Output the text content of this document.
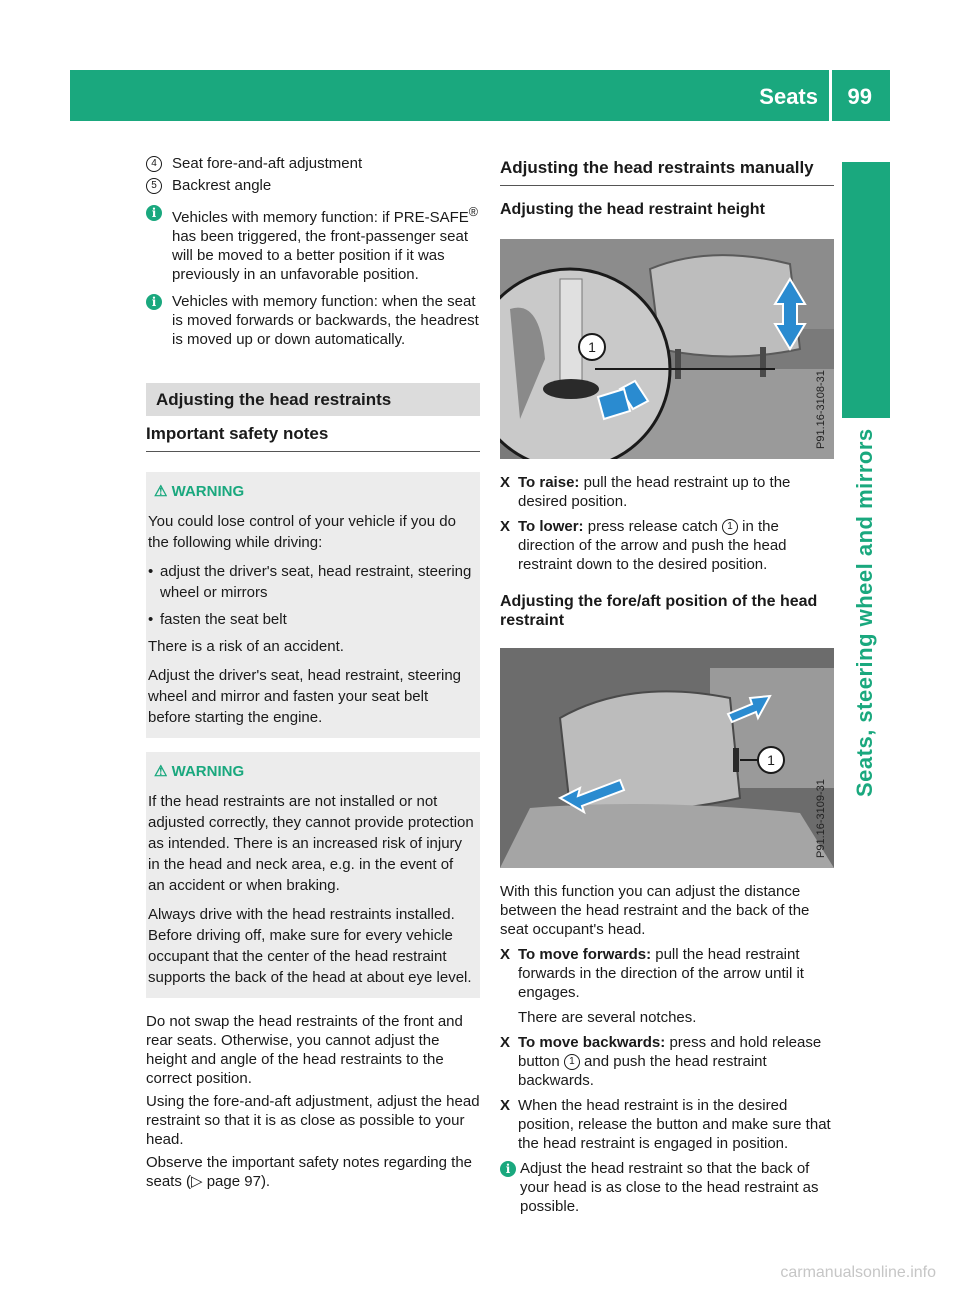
Seats 99
Seats, steering wheel and mirrors
4	Seat fore-and-aft adjustment
5	Backrest angle
i	Vehicles with memory function: if PRE-SAFE® has been triggered, the front-passenger seat will be moved to a better position if it was previously in an unfavorable position.
i	Vehicles with memory function: when the seat is moved forwards or backwards, the headrest is moved up or down automatically.
Adjusting the head restraints
Important safety notes
⚠ WARNING

You could lose control of your vehicle if you do the following while driving:

• adjust the driver's seat, head restraint, steering wheel or mirrors
• fasten the seat belt

There is a risk of an accident.

Adjust the driver's seat, head restraint, steering wheel and mirror and fasten your seat belt before starting the engine.

⚠ WARNING

If the head restraints are not installed or not adjusted correctly, they cannot provide protection as intended. There is an increased risk of injury in the head and neck area, e.g. in the event of an accident or when braking.

Always drive with the head restraints installed. Before driving off, make sure for every vehicle occupant that the center of the head restraint supports the back of the head at about eye level.

Do not swap the head restraints of the front and rear seats. Otherwise, you cannot adjust the height and angle of the head restraints to the correct position.

Using the fore-and-aft adjustment, adjust the head restraint so that it is as close as possible to your head.

Observe the important safety notes regarding the seats (▷ page 97).

Adjusting the head restraints manually
Adjusting the head restraint height
1
P91.16-3108-31
X To raise: pull the head restraint up to the desired position.
X To lower: press release catch 1 in the direction of the arrow and push the head restraint down to the desired position.
Adjusting the fore/aft position of the head restraint
1
P91.16-3109-31

With this function you can adjust the distance between the head restraint and the back of the seat occupant's head.

X To move forwards: pull the head restraint forwards in the direction of the arrow until it engages.

There are several notches.

X To move backwards: press and hold release button 1 and push the head restraint backwards.
X When the head restraint is in the desired position, release the button and make sure that the head restraint is engaged in position.
i Adjust the head restraint so that the back of your head is as close to the head restraint as possible.
carmanualsonline.info
